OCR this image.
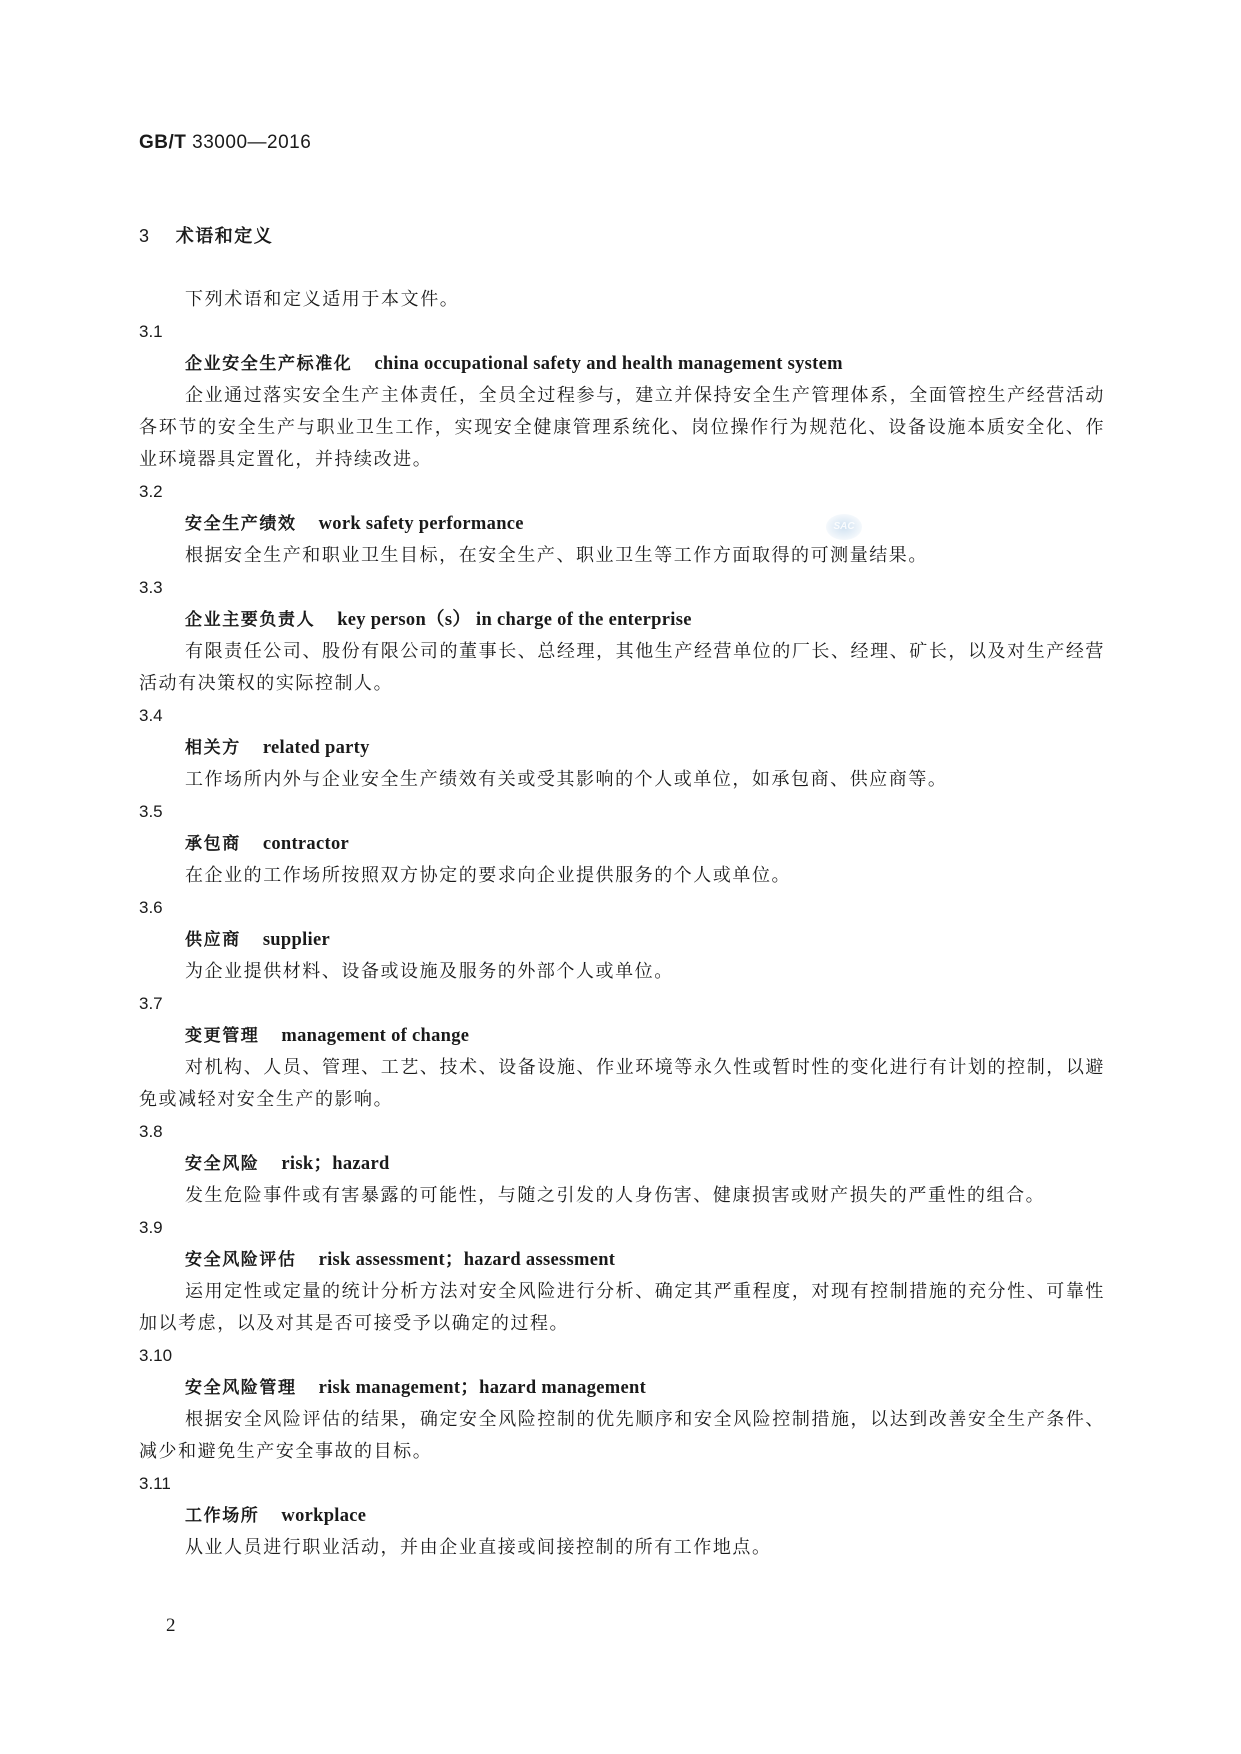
GB/T 33000—2016
3 术语和定义
下列术语和定义适用于本文件。
3.1
企业安全生产标准化 china occupational safety and health management system
企业通过落实安全生产主体责任，全员全过程参与，建立并保持安全生产管理体系，全面管控生产经营活动各环节的安全生产与职业卫生工作，实现安全健康管理系统化、岗位操作行为规范化、设备设施本质安全化、作业环境器具定置化，并持续改进。
3.2
安全生产绩效 work safety performance
根据安全生产和职业卫生目标，在安全生产、职业卫生等工作方面取得的可测量结果。
3.3
企业主要负责人 key person（s） in charge of the enterprise
有限责任公司、股份有限公司的董事长、总经理，其他生产经营单位的厂长、经理、矿长，以及对生产经营活动有决策权的实际控制人。
3.4
相关方 related party
工作场所内外与企业安全生产绩效有关或受其影响的个人或单位，如承包商、供应商等。
3.5
承包商 contractor
在企业的工作场所按照双方协定的要求向企业提供服务的个人或单位。
3.6
供应商 supplier
为企业提供材料、设备或设施及服务的外部个人或单位。
3.7
变更管理 management of change
对机构、人员、管理、工艺、技术、设备设施、作业环境等永久性或暂时性的变化进行有计划的控制，以避免或减轻对安全生产的影响。
3.8
安全风险 risk；hazard
发生危险事件或有害暴露的可能性，与随之引发的人身伤害、健康损害或财产损失的严重性的组合。
3.9
安全风险评估 risk assessment；hazard assessment
运用定性或定量的统计分析方法对安全风险进行分析、确定其严重程度，对现有控制措施的充分性、可靠性加以考虑，以及对其是否可接受予以确定的过程。
3.10
安全风险管理 risk management；hazard management
根据安全风险评估的结果，确定安全风险控制的优先顺序和安全风险控制措施，以达到改善安全生产条件、减少和避免生产安全事故的目标。
3.11
工作场所 workplace
从业人员进行职业活动，并由企业直接或间接控制的所有工作地点。
SAC
2
